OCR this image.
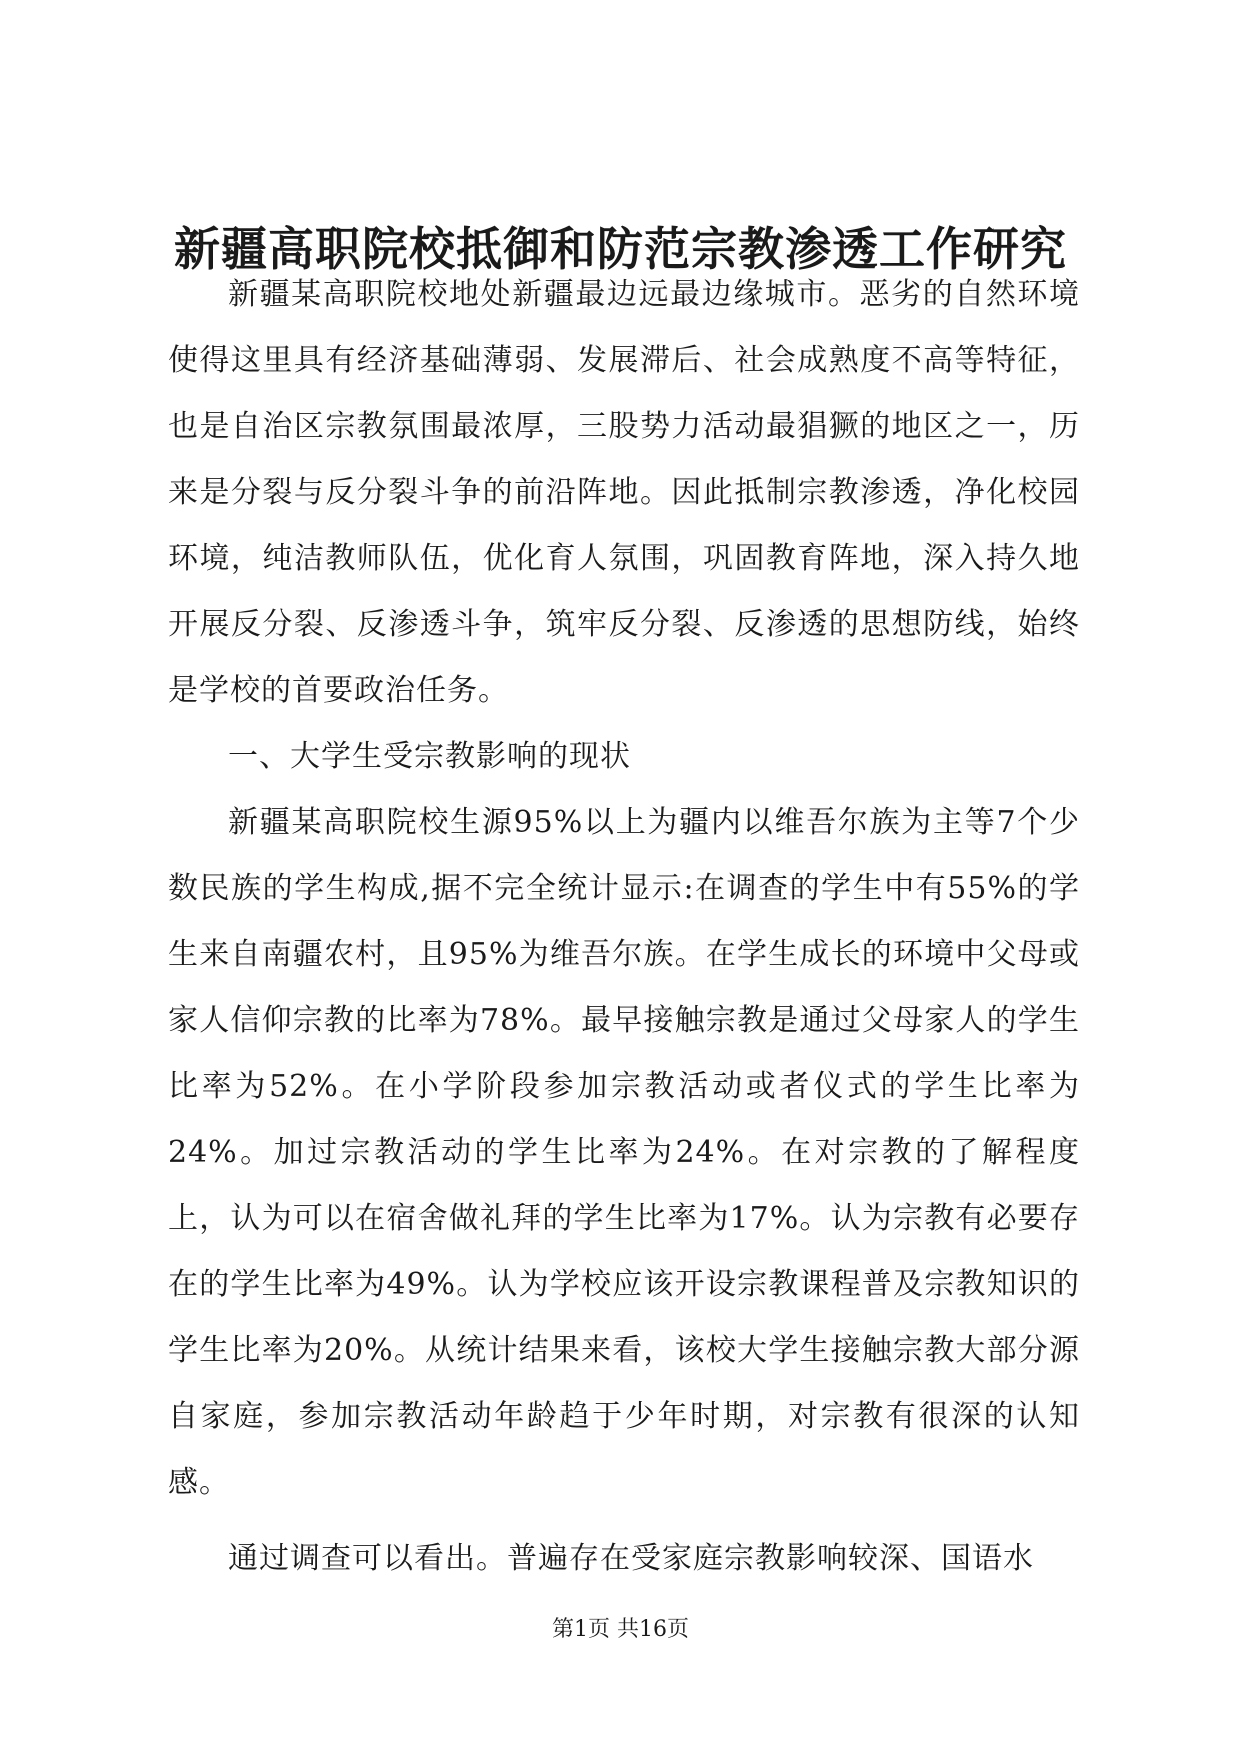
新疆高职院校抵御和防范宗教渗透工作研究

新疆某高职院校地处新疆最边远最边缘城市。恶劣的自然环境使得这里具有经济基础薄弱、发展滞后、社会成熟度不高等特征，也是自治区宗教氛围最浓厚，三股势力活动最猖獗的地区之一，历来是分裂与反分裂斗争的前沿阵地。因此抵制宗教渗透，净化校园环境，纯洁教师队伍，优化育人氛围，巩固教育阵地，深入持久地开展反分裂、反渗透斗争，筑牢反分裂、反渗透的思想防线，始终是学校的首要政治任务。

一、大学生受宗教影响的现状

新疆某高职院校生源95%以上为疆内以维吾尔族为主等7个少数民族的学生构成,据不完全统计显示:在调查的学生中有55%的学生来自南疆农村，且95%为维吾尔族。在学生成长的环境中父母或家人信仰宗教的比率为78%。最早接触宗教是通过父母家人的学生比率为52%。在小学阶段参加宗教活动或者仪式的学生比率为24%。加过宗教活动的学生比率为24%。在对宗教的了解程度上，认为可以在宿舍做礼拜的学生比率为17%。认为宗教有必要存在的学生比率为49%。认为学校应该开设宗教课程普及宗教知识的学生比率为20%。从统计结果来看，该校大学生接触宗教大部分源自家庭，参加宗教活动年龄趋于少年时期，对宗教有很深的认知感。

通过调查可以看出。普遍存在受家庭宗教影响较深、国语水

第1页 共16页
